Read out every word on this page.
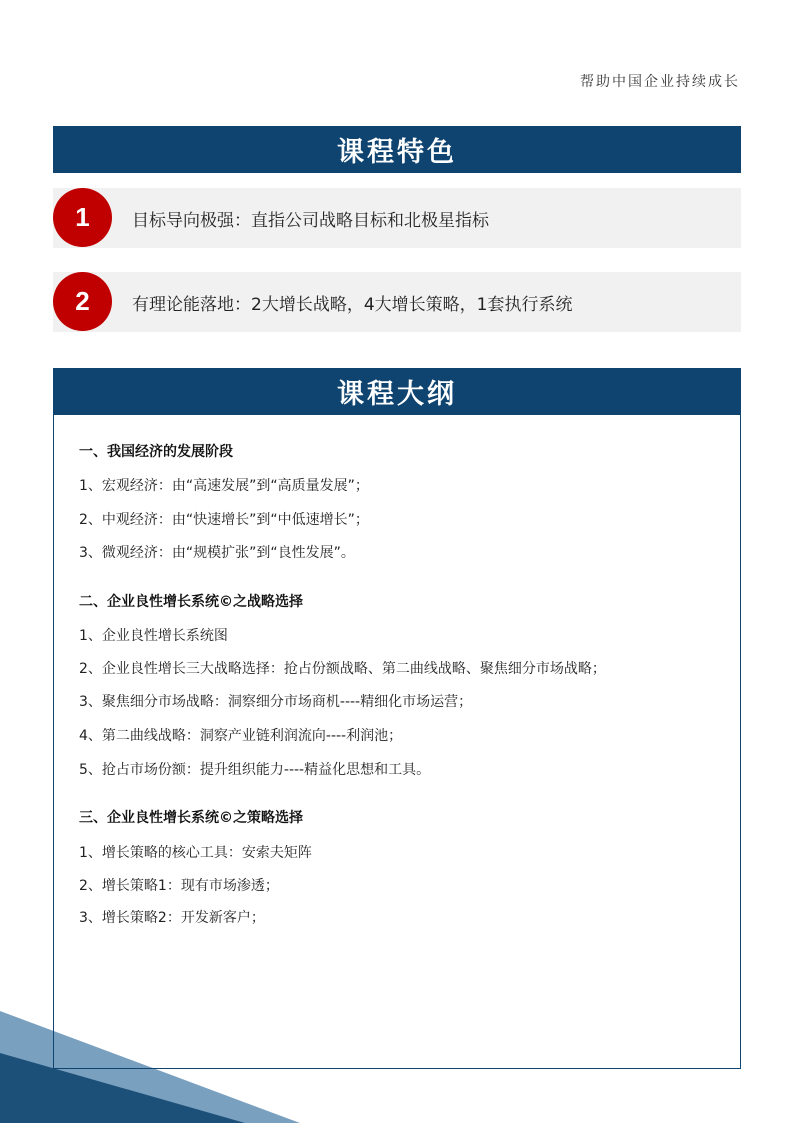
帮助中国企业持续成长
课程特色
1	目标导向极强：直指公司战略目标和北极星指标
2	有理论能落地：2大增长战略，4大增长策略，1套执行系统
课程大纲
一、我国经济的发展阶段
1、宏观经济：由“高速发展”到“高质量发展”；
2、中观经济：由“快速增长”到“中低速增长”；
3、微观经济：由“规模扩张”到“良性发展”。
二、企业良性增长系统©之战略选择
1、企业良性增长系统图
2、企业良性增长三大战略选择：抢占份额战略、第二曲线战略、聚焦细分市场战略；
3、聚焦细分市场战略：洞察细分市场商机----精细化市场运营；
4、第二曲线战略：洞察产业链利润流向----利润池；
5、抢占市场份额：提升组织能力----精益化思想和工具。
三、企业良性增长系统©之策略选择
1、增长策略的核心工具：安索夫矩阵
2、增长策略1：现有市场渗透；
3、增长策略2：开发新客户；
